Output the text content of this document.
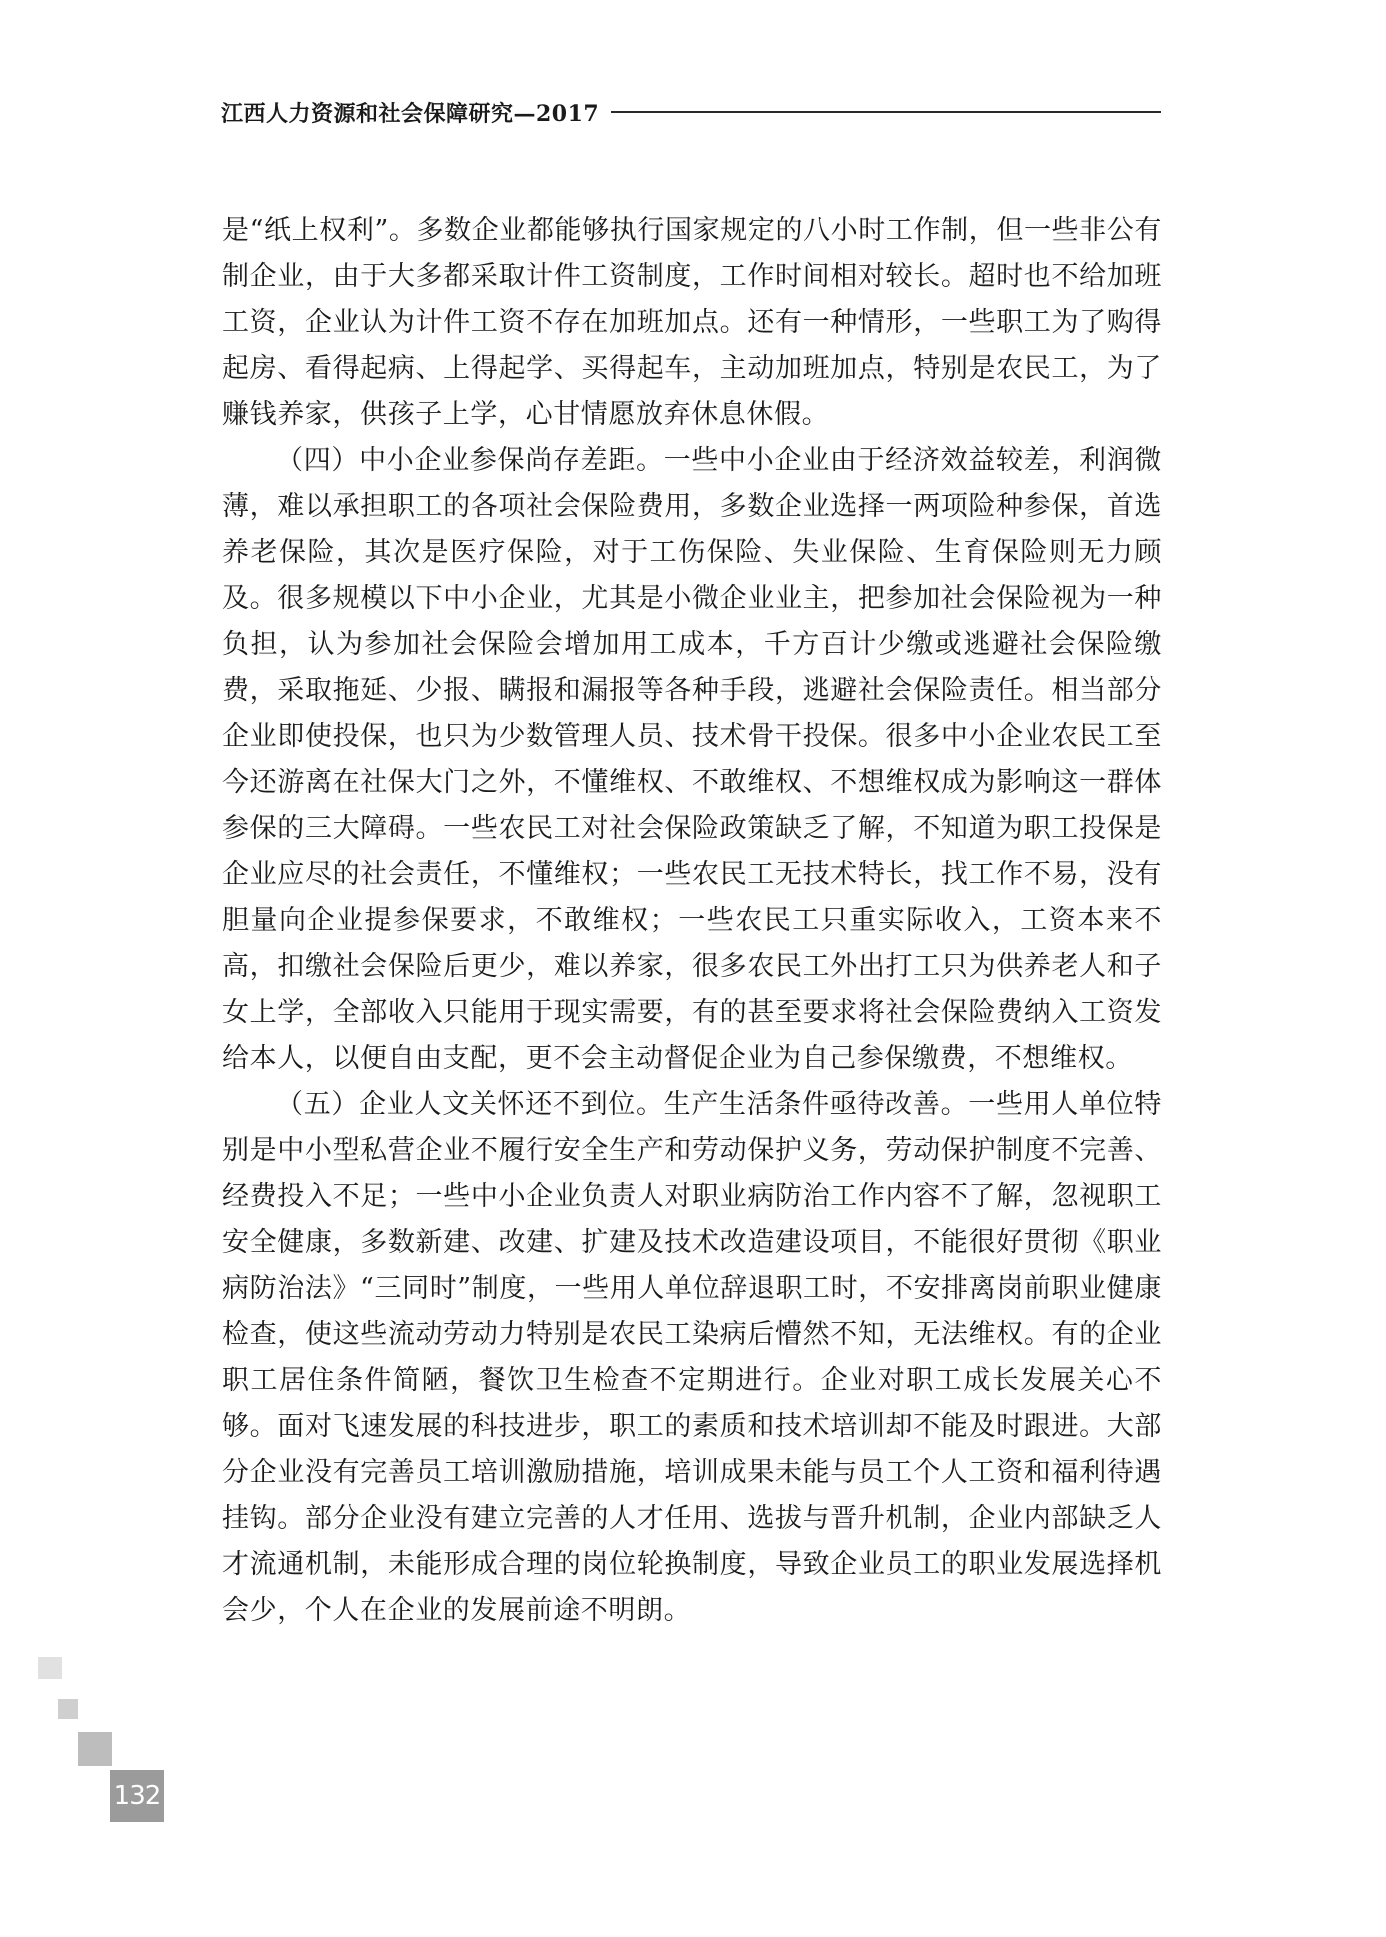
江西人力资源和社会保障研究—2017

是“纸上权利”。多数企业都能够执行国家规定的八小时工作制，但一些非公有制企业，由于大多都采取计件工资制度，工作时间相对较长。超时也不给加班工资，企业认为计件工资不存在加班加点。还有一种情形，一些职工为了购得起房、看得起病、上得起学、买得起车，主动加班加点，特别是农民工，为了赚钱养家，供孩子上学，心甘情愿放弃休息休假。

（四）中小企业参保尚存差距。一些中小企业由于经济效益较差，利润微薄，难以承担职工的各项社会保险费用，多数企业选择一两项险种参保，首选养老保险，其次是医疗保险，对于工伤保险、失业保险、生育保险则无力顾及。很多规模以下中小企业，尤其是小微企业业主，把参加社会保险视为一种负担，认为参加社会保险会增加用工成本，千方百计少缴或逃避社会保险缴费，采取拖延、少报、瞒报和漏报等各种手段，逃避社会保险责任。相当部分企业即使投保，也只为少数管理人员、技术骨干投保。很多中小企业农民工至今还游离在社保大门之外，不懂维权、不敢维权、不想维权成为影响这一群体参保的三大障碍。一些农民工对社会保险政策缺乏了解，不知道为职工投保是企业应尽的社会责任，不懂维权；一些农民工无技术特长，找工作不易，没有胆量向企业提参保要求，不敢维权；一些农民工只重实际收入，工资本来不高，扣缴社会保险后更少，难以养家，很多农民工外出打工只为供养老人和子女上学，全部收入只能用于现实需要，有的甚至要求将社会保险费纳入工资发给本人，以便自由支配，更不会主动督促企业为自己参保缴费，不想维权。

（五）企业人文关怀还不到位。生产生活条件亟待改善。一些用人单位特别是中小型私营企业不履行安全生产和劳动保护义务，劳动保护制度不完善、经费投入不足；一些中小企业负责人对职业病防治工作内容不了解，忽视职工安全健康，多数新建、改建、扩建及技术改造建设项目，不能很好贯彻《职业病防治法》“三同时”制度，一些用人单位辞退职工时，不安排离岗前职业健康检查，使这些流动劳动力特别是农民工染病后懵然不知，无法维权。有的企业职工居住条件简陋，餐饮卫生检查不定期进行。企业对职工成长发展关心不够。面对飞速发展的科技进步，职工的素质和技术培训却不能及时跟进。大部分企业没有完善员工培训激励措施，培训成果未能与员工个人工资和福利待遇挂钩。部分企业没有建立完善的人才任用、选拔与晋升机制，企业内部缺乏人才流通机制，未能形成合理的岗位轮换制度，导致企业员工的职业发展选择机会少，个人在企业的发展前途不明朗。

132
